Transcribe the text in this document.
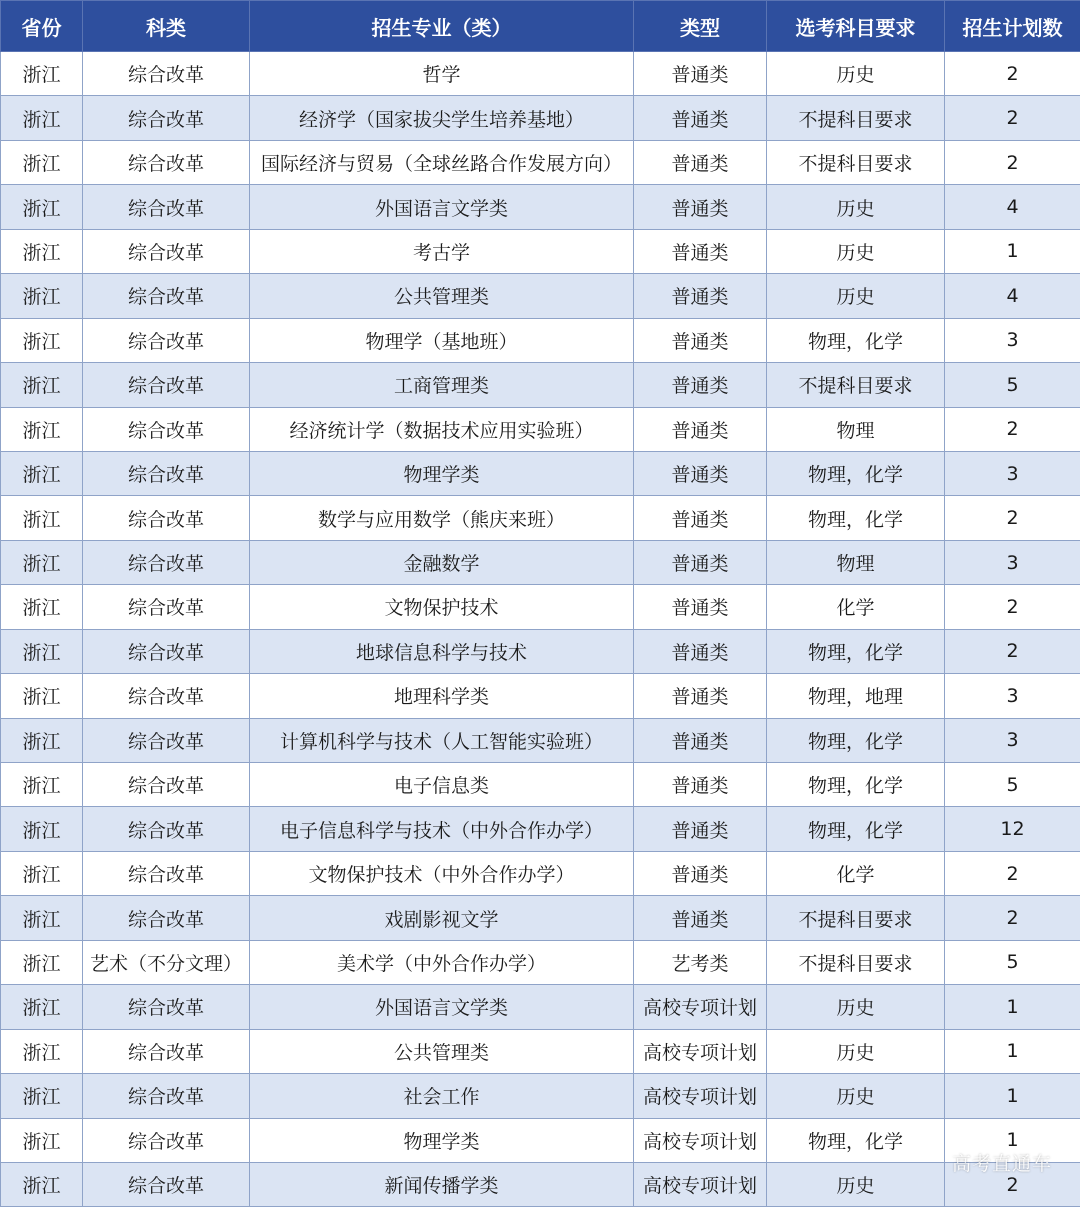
省份	科类	招生专业（类）	类型	选考科目要求	招生计划数
浙江	综合改革	哲学	普通类	历史	2
浙江	综合改革	经济学（国家拔尖学生培养基地）	普通类	不提科目要求	2
浙江	综合改革	国际经济与贸易（全球丝路合作发展方向）	普通类	不提科目要求	2
浙江	综合改革	外国语言文学类	普通类	历史	4
浙江	综合改革	考古学	普通类	历史	1
浙江	综合改革	公共管理类	普通类	历史	4
浙江	综合改革	物理学（基地班）	普通类	物理，化学	3
浙江	综合改革	工商管理类	普通类	不提科目要求	5
浙江	综合改革	经济统计学（数据技术应用实验班）	普通类	物理	2
浙江	综合改革	物理学类	普通类	物理，化学	3
浙江	综合改革	数学与应用数学（熊庆来班）	普通类	物理，化学	2
浙江	综合改革	金融数学	普通类	物理	3
浙江	综合改革	文物保护技术	普通类	化学	2
浙江	综合改革	地球信息科学与技术	普通类	物理，化学	2
浙江	综合改革	地理科学类	普通类	物理，地理	3
浙江	综合改革	计算机科学与技术（人工智能实验班）	普通类	物理，化学	3
浙江	综合改革	电子信息类	普通类	物理，化学	5
浙江	综合改革	电子信息科学与技术（中外合作办学）	普通类	物理，化学	12
浙江	综合改革	文物保护技术（中外合作办学）	普通类	化学	2
浙江	综合改革	戏剧影视文学	普通类	不提科目要求	2
浙江	艺术（不分文理）	美术学（中外合作办学）	艺考类	不提科目要求	5
浙江	综合改革	外国语言文学类	高校专项计划	历史	1
浙江	综合改革	公共管理类	高校专项计划	历史	1
浙江	综合改革	社会工作	高校专项计划	历史	1
浙江	综合改革	物理学类	高校专项计划	物理，化学	1
浙江	综合改革	新闻传播学类	高校专项计划	历史	2
高考直通车
